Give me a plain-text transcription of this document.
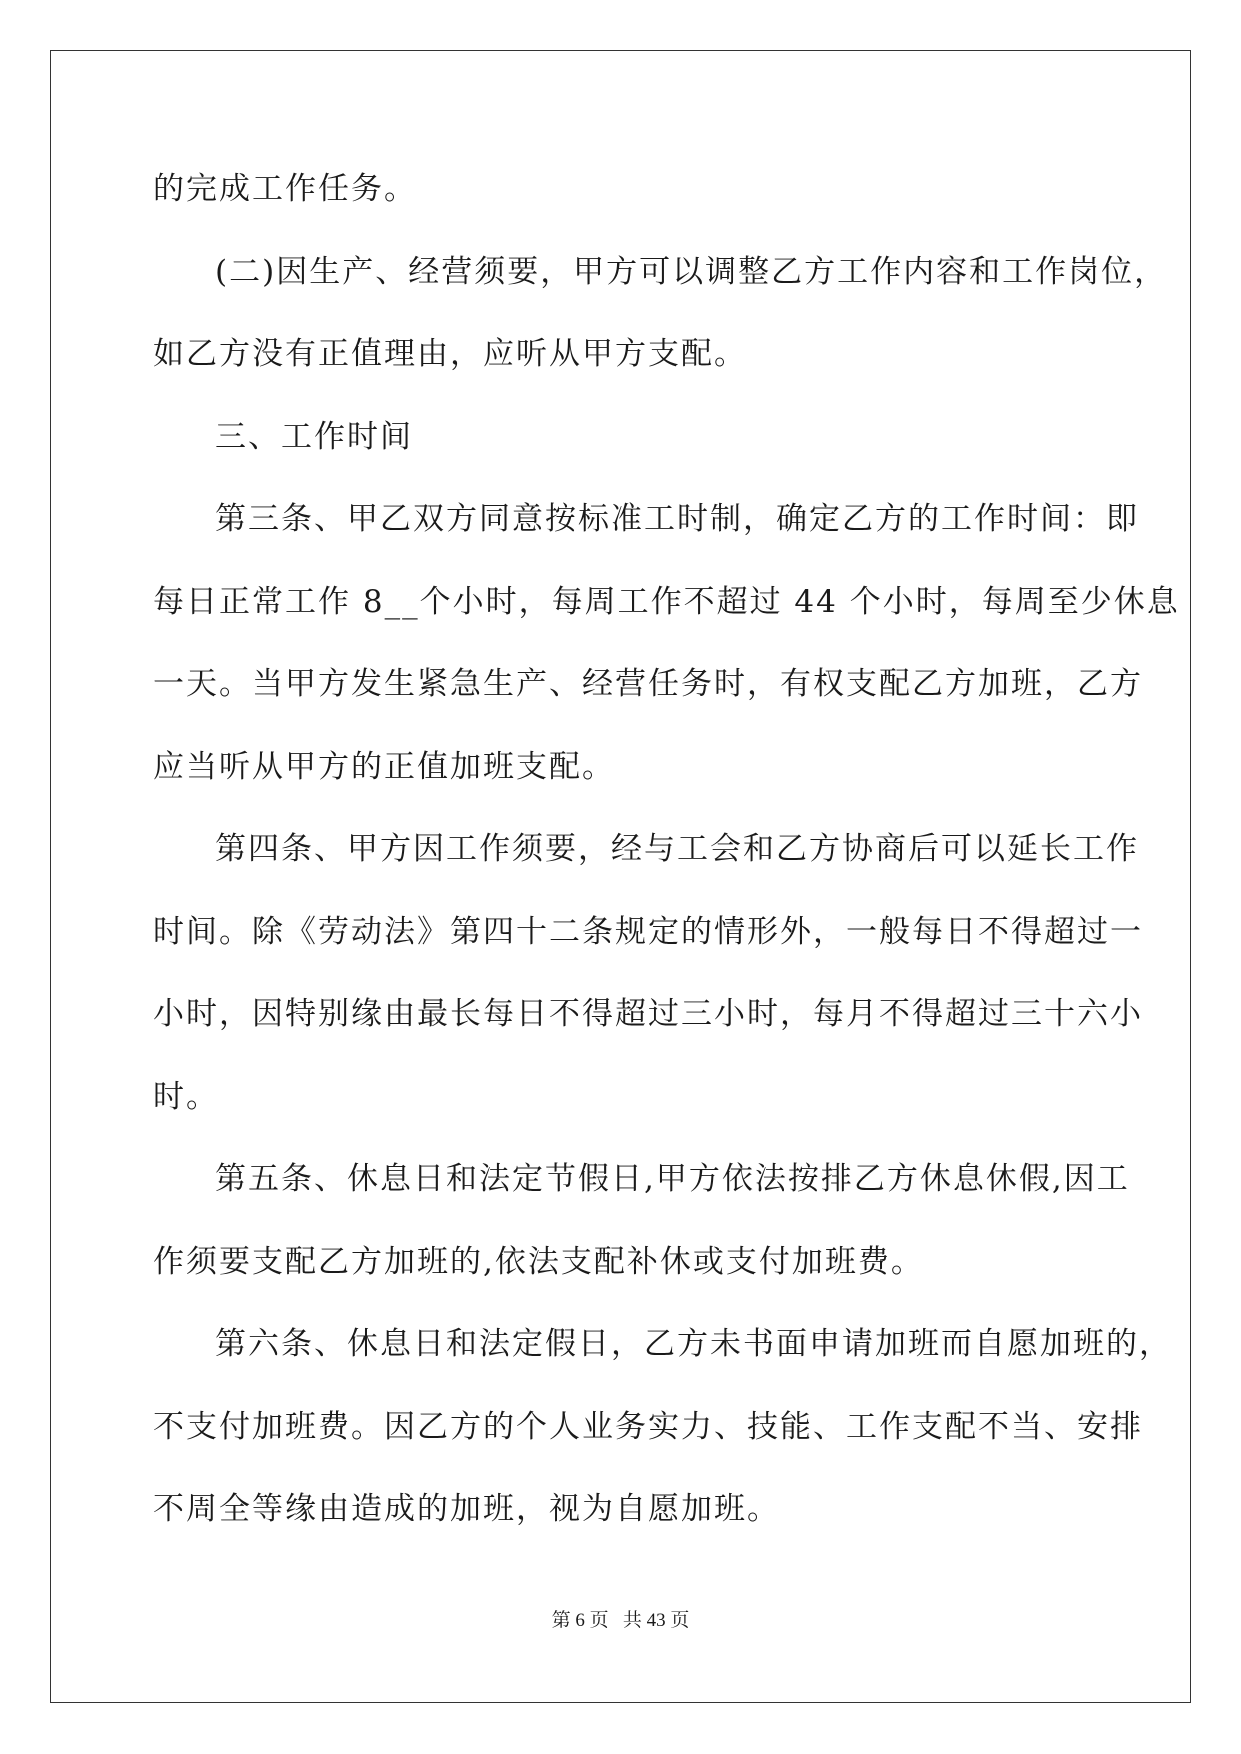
的完成工作任务。
(二)因生产、经营须要，甲方可以调整乙方工作内容和工作岗位，
如乙方没有正值理由，应听从甲方支配。
三、工作时间
第三条、甲乙双方同意按标准工时制，确定乙方的工作时间：即
每日正常工作 8__个小时，每周工作不超过 44 个小时，每周至少休息
一天。当甲方发生紧急生产、经营任务时，有权支配乙方加班，乙方
应当听从甲方的正值加班支配。
第四条、甲方因工作须要，经与工会和乙方协商后可以延长工作
时间。除《劳动法》第四十二条规定的情形外，一般每日不得超过一
小时，因特别缘由最长每日不得超过三小时，每月不得超过三十六小
时。
第五条、休息日和法定节假日,甲方依法按排乙方休息休假,因工
作须要支配乙方加班的,依法支配补休或支付加班费。
第六条、休息日和法定假日，乙方未书面申请加班而自愿加班的，
不支付加班费。因乙方的个人业务实力、技能、工作支配不当、安排
不周全等缘由造成的加班，视为自愿加班。
第 6 页   共 43 页
